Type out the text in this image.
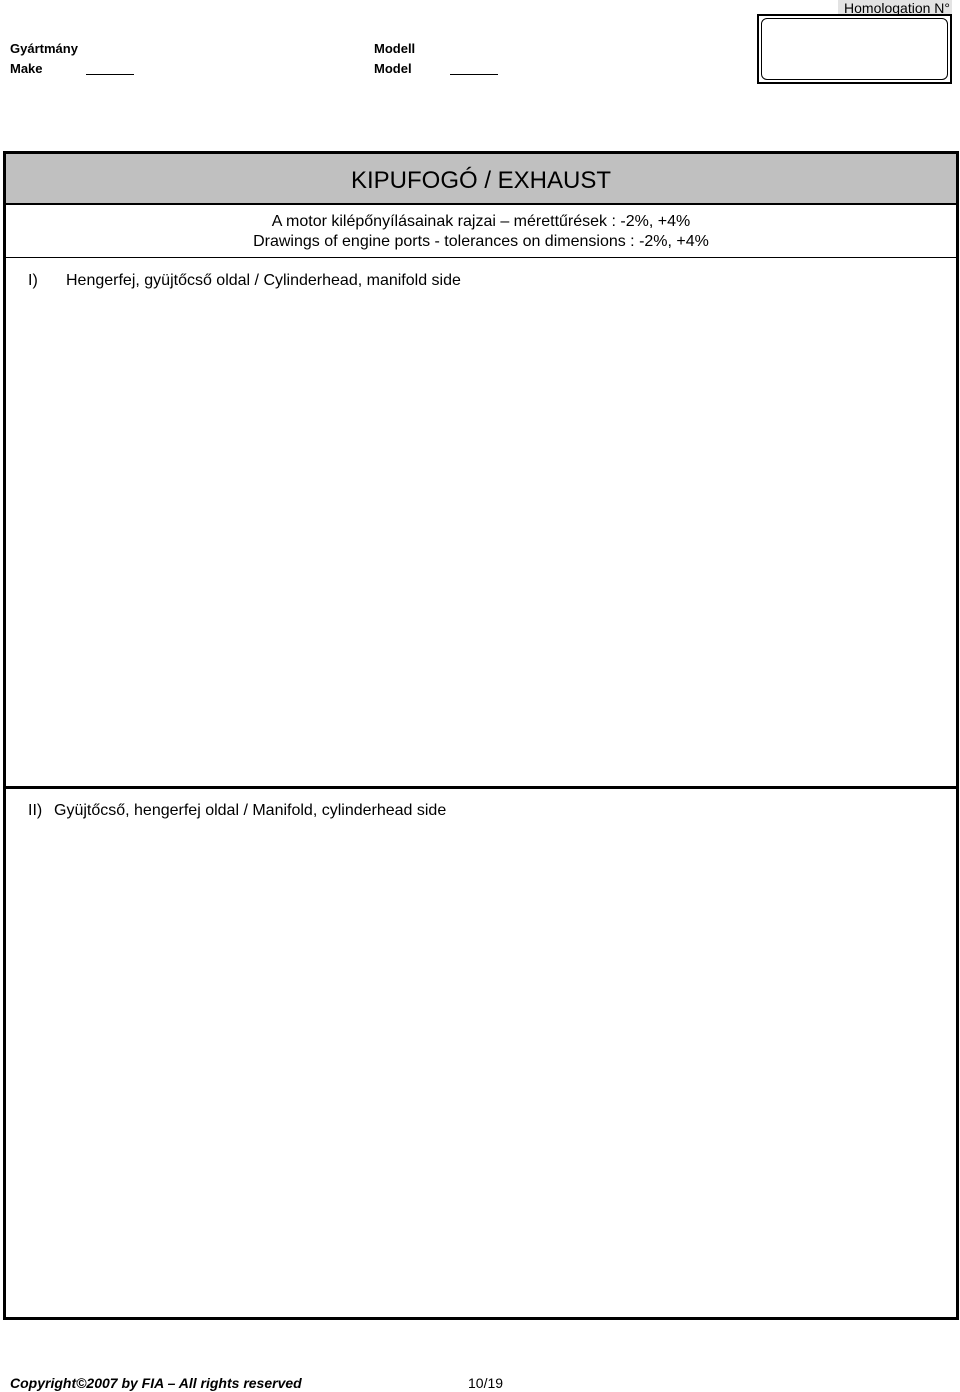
Homologation N°
Gyártmány
Make
Modell
Model
KIPUFOGÓ / EXHAUST
A motor kilépőnyílásainak rajzai – mérettűrések : -2%, +4%
Drawings of engine ports - tolerances on dimensions : -2%, +4%
I) Hengerfej, gyüjtőcső oldal / Cylinderhead, manifold side
II) Gyüjtőcső, hengerfej oldal / Manifold, cylinderhead side
Copyright©2007 by FIA – All rights reserved	10/19
